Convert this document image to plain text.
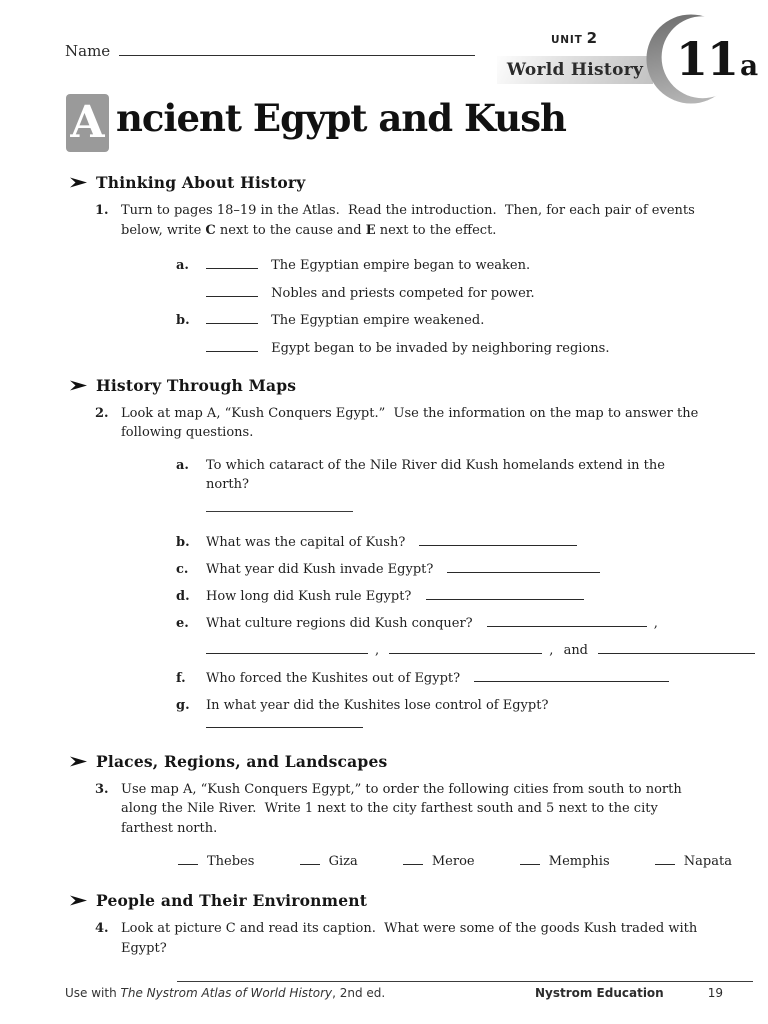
Name
UNIT 2
World History 11a
A ncient Egypt and Kush
Thinking About History
1. Turn to pages 18–19 in the Atlas.  Read the introduction.  Then, for each pair of events below, write C next to the cause and E next to the effect.
a.	The Egyptian empire began to weaken.
Nobles and priests competed for power.
b.	The Egyptian empire weakened.
Egypt began to be invaded by neighboring regions.
History Through Maps
2. Look at map A, “Kush Conquers Egypt.”  Use the information on the map to answer the following questions.
a. To which cataract of the Nile River did Kush homelands extend in the north?
b. What was the capital of Kush?
c. What year did Kush invade Egypt?
d. How long did Kush rule Egypt?
e. What culture regions did Kush conquer?	,
,	, and
f. Who forced the Kushites out of Egypt?
g. In what year did the Kushites lose control of Egypt?
Places, Regions, and Landscapes
3. Use map A, “Kush Conquers Egypt,” to order the following cities from south to north along the Nile River.  Write 1 next to the city farthest south and 5 next to the city farthest north.
Thebes	Giza	Meroe	Memphis	Napata
People and Their Environment
4. Look at picture C and read its caption.  What were some of the goods Kush traded with Egypt?
Use with The Nystrom Atlas of World History, 2nd ed.	Nystrom Education	19
